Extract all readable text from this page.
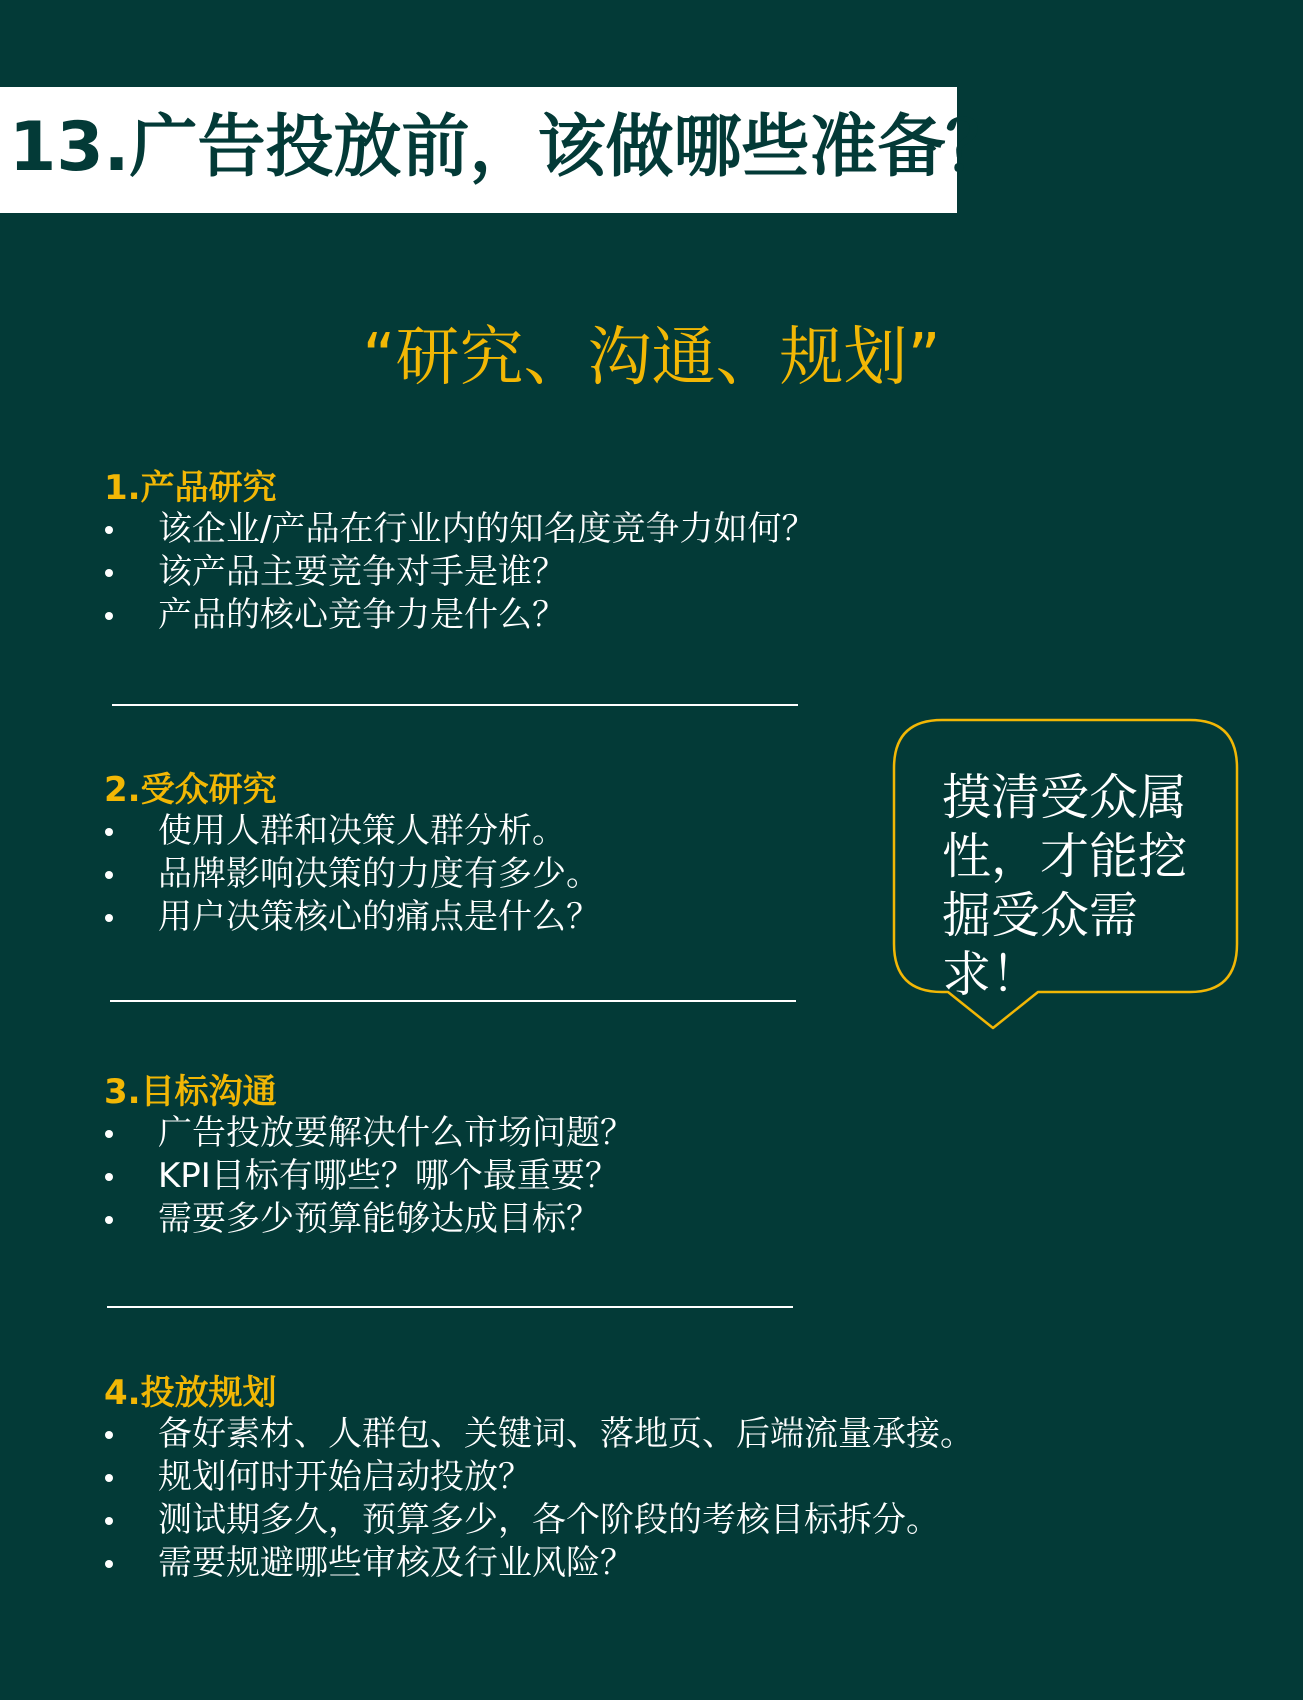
13.广告投放前，该做哪些准备？
“研究、沟通、规划”
1.产品研究
该企业/产品在行业内的知名度竞争力如何？
该产品主要竞争对手是谁？
产品的核心竞争力是什么？
2.受众研究
使用人群和决策人群分析。
品牌影响决策的力度有多少。
用户决策核心的痛点是什么？
3.目标沟通
广告投放要解决什么市场问题？
KPI目标有哪些？哪个最重要？
需要多少预算能够达成目标？
4.投放规划
备好素材、人群包、关键词、落地页、后端流量承接。
规划何时开始启动投放？
测试期多久，预算多少，各个阶段的考核目标拆分。
需要规避哪些审核及行业风险？
摸清受众属
性，才能挖
掘受众需求！
